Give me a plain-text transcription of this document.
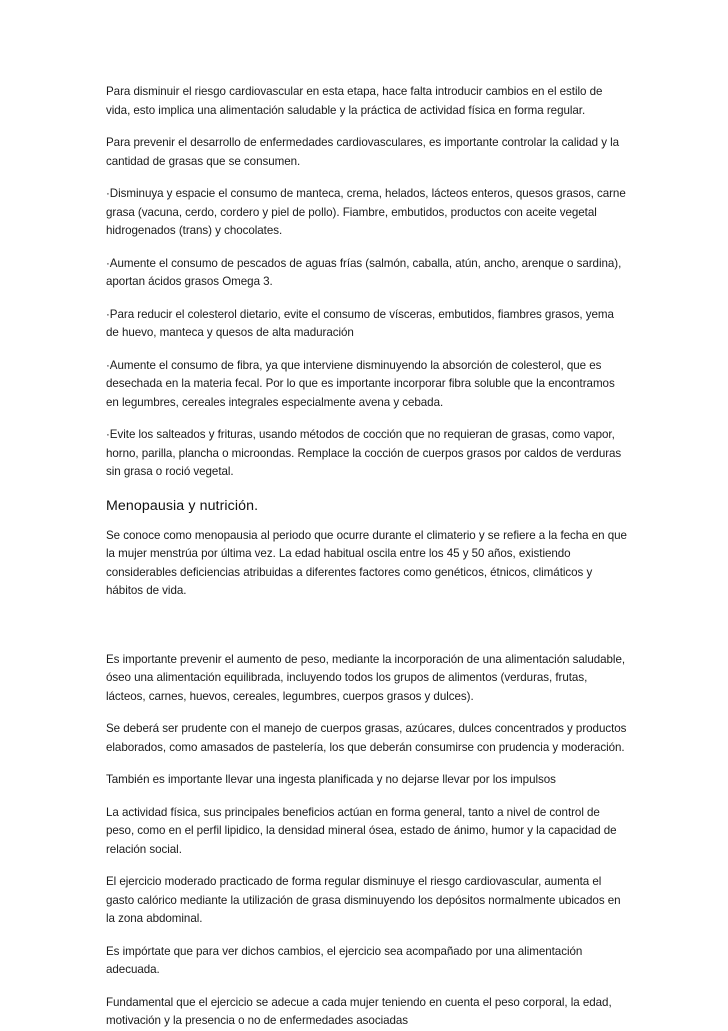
Para disminuir el riesgo cardiovascular en esta etapa, hace falta introducir cambios en el estilo de vida, esto implica una alimentación saludable y la práctica de actividad física en forma regular.

Para prevenir el desarrollo de enfermedades cardiovasculares, es importante controlar la calidad y la cantidad de grasas que se consumen.

·Disminuya y espacie el consumo de manteca, crema, helados, lácteos enteros, quesos grasos, carne grasa (vacuna, cerdo, cordero y piel de pollo). Fiambre, embutidos, productos con aceite vegetal hidrogenados (trans) y chocolates.

·Aumente el consumo de pescados de aguas frías (salmón, caballa, atún, ancho, arenque o sardina), aportan ácidos grasos Omega 3.

·Para reducir el colesterol dietario, evite el consumo de vísceras, embutidos, fiambres grasos, yema de huevo, manteca y quesos de alta maduración

·Aumente el consumo de fibra, ya que interviene disminuyendo la absorción de colesterol, que es desechada en la materia fecal. Por lo que es importante incorporar fibra soluble que la encontramos en legumbres, cereales integrales especialmente avena y cebada.

·Evite los salteados y frituras, usando métodos de cocción que no requieran de grasas, como vapor, horno, parilla, plancha o microondas. Remplace la cocción de cuerpos grasos por caldos de verduras sin grasa o roció vegetal.

Menopausia y nutrición.

Se conoce como menopausia al periodo que ocurre durante el climaterio y se refiere a la fecha en que la mujer menstrúa por última vez. La edad habitual oscila entre los 45 y 50 años, existiendo considerables deficiencias atribuidas a diferentes factores como genéticos, étnicos, climáticos y hábitos de vida.

Es importante prevenir el aumento de peso, mediante la incorporación de una alimentación saludable, óseo una alimentación equilibrada, incluyendo todos los grupos de alimentos (verduras, frutas, lácteos, carnes, huevos, cereales, legumbres, cuerpos grasos y dulces).

Se deberá ser prudente con el manejo de cuerpos grasas, azúcares, dulces concentrados y productos elaborados, como amasados de pastelería, los que deberán consumirse con prudencia y moderación.

También es importante llevar una ingesta planificada y no dejarse llevar por los impulsos

La actividad física, sus principales beneficios actúan en forma general, tanto a nivel de control de peso, como en el perfil lipidico, la densidad mineral ósea, estado de ánimo, humor y la capacidad de relación social.

El ejercicio moderado practicado de forma regular disminuye el riesgo cardiovascular, aumenta el gasto calórico mediante la utilización de grasa disminuyendo los depósitos normalmente ubicados en la zona abdominal.

Es impórtate que para ver dichos cambios, el ejercicio sea acompañado por una alimentación adecuada.

Fundamental que el ejercicio se adecue a cada mujer teniendo en cuenta el peso corporal, la edad, motivación y la presencia o no de enfermedades asociadas
